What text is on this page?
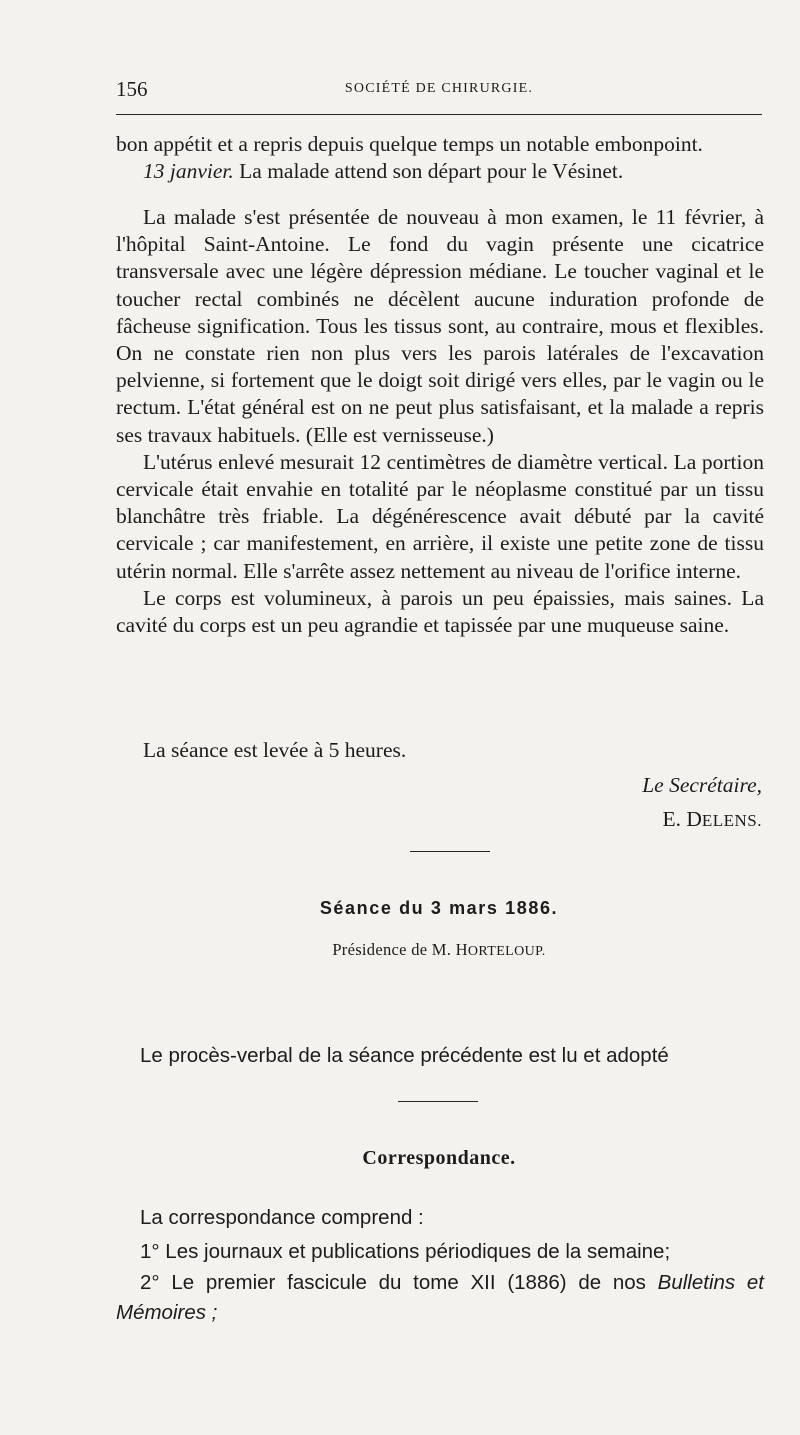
156	SOCIÉTÉ DE CHIRURGIE.

bon appétit et a repris depuis quelque temps un notable embonpoint.

13 janvier. La malade attend son départ pour le Vésinet.

La malade s'est présentée de nouveau à mon examen, le 11 février, à l'hôpital Saint-Antoine. Le fond du vagin présente une cicatrice transversale avec une légère dépression médiane. Le toucher vaginal et le toucher rectal combinés ne décèlent aucune induration profonde de fâcheuse signification. Tous les tissus sont, au contraire, mous et flexibles. On ne constate rien non plus vers les parois latérales de l'excavation pelvienne, si fortement que le doigt soit dirigé vers elles, par le vagin ou le rectum. L'état général est on ne peut plus satisfaisant, et la malade a repris ses travaux habituels. (Elle est vernisseuse.)

L'utérus enlevé mesurait 12 centimètres de diamètre vertical. La portion cervicale était envahie en totalité par le néoplasme constitué par un tissu blanchâtre très friable. La dégénérescence avait débuté par la cavité cervicale ; car manifestement, en arrière, il existe une petite zone de tissu utérin normal. Elle s'arrête assez nettement au niveau de l'orifice interne.

Le corps est volumineux, à parois un peu épaissies, mais saines. La cavité du corps est un peu agrandie et tapissée par une muqueuse saine.

La séance est levée à 5 heures.

Le Secrétaire,
E. DELENS.
Séance du 3 mars 1886.
Présidence de M. HORTELOUP.
Le procès-verbal de la séance précédente est lu et adopté
Correspondance.

La correspondance comprend :

1° Les journaux et publications périodiques de la semaine;

2° Le premier fascicule du tome XII (1886) de nos Bulletins et Mémoires ;
